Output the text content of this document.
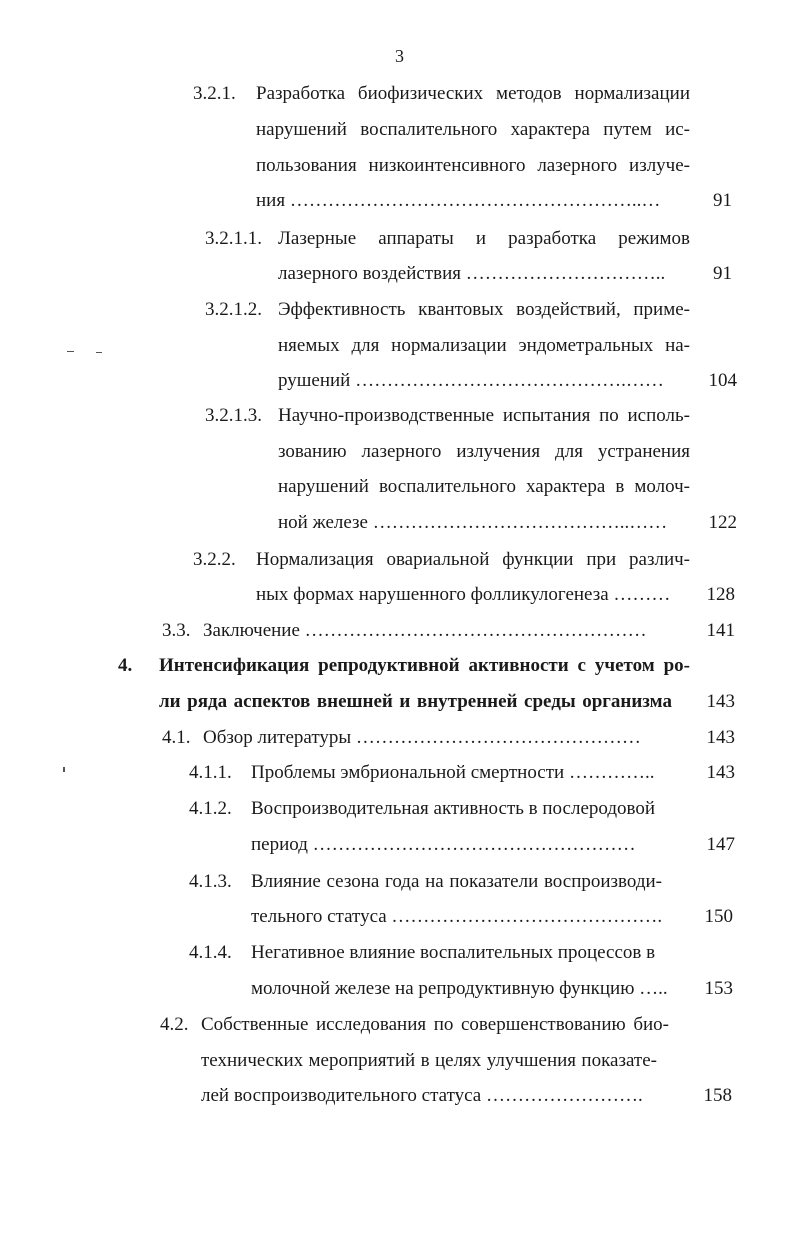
3
3.2.1. Разработка биофизических методов нормализации
нарушений воспалительного характера путем ис-
пользования низкоинтенсивного лазерного излуче-
ния ………………………………………………..…	91
3.2.1.1. Лазерные аппараты и разработка режимов
лазерного воздействия …………………………..	91
3.2.1.2. Эффективность квантовых воздействий, приме-
няемых для нормализации эндометральных на-
рушений …………………………………….……	104
3.2.1.3. Научно-производственные испытания по исполь-
зованию лазерного излучения для устранения
нарушений воспалительного характера в молоч-
ной железе …………………………………..……	122
3.2.2. Нормализация овариальной функции при различ-
ных формах нарушенного фолликулогенеза ………	128
3.3. Заключение ………………………………………………	141
4. Интенсификация репродуктивной активности с учетом ро-
ли ряда аспектов внешней и внутренней среды организма	143
4.1. Обзор литературы ………………………………………	143
4.1.1. Проблемы эмбриональной смертности …………..	143
4.1.2. Воспроизводительная активность в послеродовой
период ……………………………………………	147
4.1.3. Влияние сезона года на показатели воспроизводи-
тельного статуса …………………………………….	150
4.1.4. Негативное влияние воспалительных процессов в
молочной железе на репродуктивную функцию …..	153
4.2. Собственные исследования по совершенствованию био-
технических мероприятий в целях улучшения показате-
лей воспроизводительного статуса …………………….	158
